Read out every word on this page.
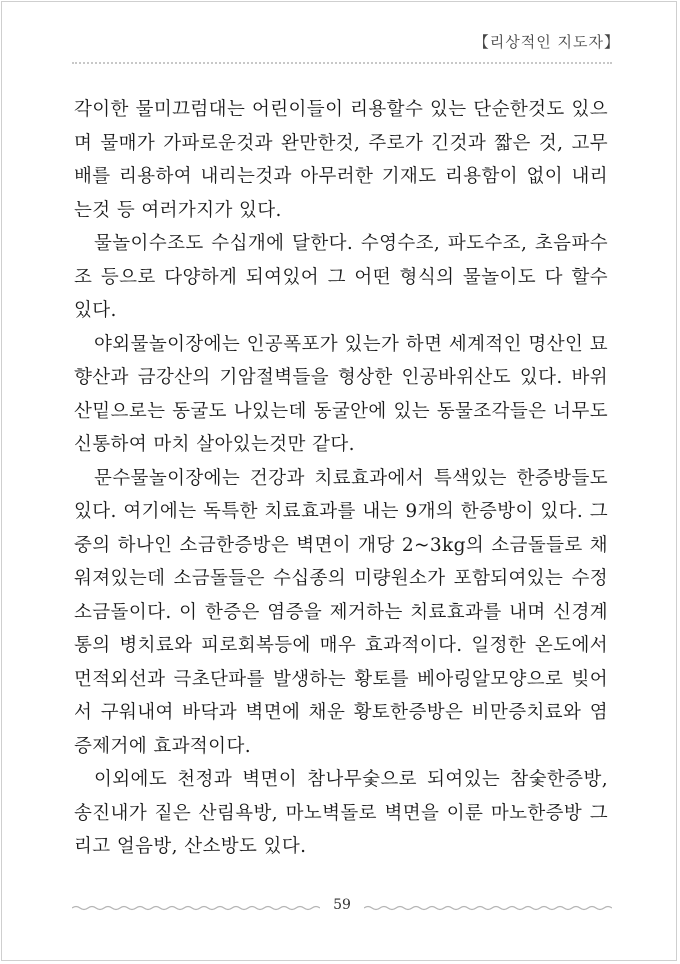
【리상적인 지도자】

각이한 물미끄럼대는 어린이들이 리용할수 있는 단순한것도 있으며 물매가 가파로운것과 완만한것, 주로가 긴것과 짧은 것, 고무배를 리용하여 내리는것과 아무러한 기재도 리용함이 없이 내리는것 등 여러가지가 있다.

물놀이수조도 수십개에 달한다. 수영수조, 파도수조, 초음파수조 등으로 다양하게 되여있어 그 어떤 형식의 물놀이도 다 할수 있다.

야외물놀이장에는 인공폭포가 있는가 하면 세계적인 명산인 묘향산과 금강산의 기암절벽들을 형상한 인공바위산도 있다. 바위산밑으로는 동굴도 나있는데 동굴안에 있는 동물조각들은 너무도 신통하여 마치 살아있는것만 같다.

문수물놀이장에는 건강과 치료효과에서 특색있는 한증방들도 있다. 여기에는 독특한 치료효과를 내는 9개의 한증방이 있다. 그중의 하나인 소금한증방은 벽면이 개당 2~3kg의 소금돌들로 채워져있는데 소금돌들은 수십종의 미량원소가 포함되여있는 수정소금돌이다. 이 한증은 염증을 제거하는 치료효과를 내며 신경계통의 병치료와 피로회복등에 매우 효과적이다. 일정한 온도에서 먼적외선과 극초단파를 발생하는 황토를 베아링알모양으로 빚어서 구워내여 바닥과 벽면에 채운 황토한증방은 비만증치료와 염증제거에 효과적이다.

이외에도 천정과 벽면이 참나무숯으로 되여있는 참숯한증방, 송진내가 짙은 산림욕방, 마노벽돌로 벽면을 이룬 마노한증방 그리고 얼음방, 산소방도 있다.

59
